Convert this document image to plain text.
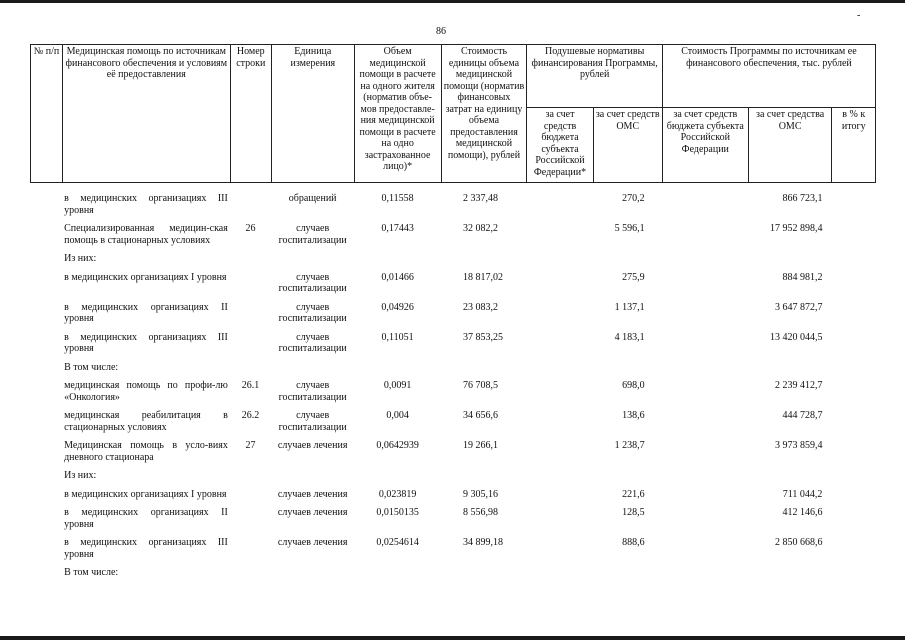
-
86
№ п/п	Медицинская помощь по источникам финансового обеспечения и условиям её предоставления	Номер строки	Единица измерения	Объем медицинской помощи в расчете на одного жителя (норматив объе-мов предоставле-ния медицинской помощи в расчете на одно застрахованное лицо)*	Стоимость единицы объема медицинской помощи (норматив финансовых затрат на единицу объема предоставления медицинской помощи), рублей	Подушевые нормативы финансирования Программы, рублей		Стоимость Программы по источникам ее финансового обеспечения, тыс. рублей		
						за счет средств бюджета субъекта Российской Федерации*	за счет средств ОМС	за счет средств бюджета субъекта Российской Федерации	за счет средства ОМС	в % к итогу
	в медицинских организациях III уровня		обращений	0,11558	2 337,48		270,2		866 723,1	
	Специализированная медицин-ская помощь в стационарных условиях	26	случаев госпитализации	0,17443	32 082,2		5 596,1		17 952 898,4	
	Из них:									
	в медицинских организациях I уровня		случаев госпитализации	0,01466	18 817,02		275,9		884 981,2	
	в медицинских организациях II уровня		случаев госпитализации	0,04926	23 083,2		1 137,1		3 647 872,7	
	в медицинских организациях III уровня		случаев госпитализации	0,11051	37 853,25		4 183,1		13 420 044,5	
	В том числе:									
	медицинская помощь по профи-лю «Онкология»	26.1	случаев госпитализации	0,0091	76 708,5		698,0		2 239 412,7	
	медицинская реабилитация в стационарных условиях	26.2	случаев госпитализации	0,004	34 656,6		138,6		444 728,7	
	Медицинская помощь в усло-виях дневного стационара	27	случаев лечения	0,0642939	19 266,1		1 238,7		3 973 859,4	
	Из них:									
	в медицинских организациях I уровня		случаев лечения	0,023819	9 305,16		221,6		711 044,2	
	в медицинских организациях II уровня		случаев лечения	0,0150135	8 556,98		128,5		412 146,6	
	в медицинских организациях III уровня		случаев лечения	0,0254614	34 899,18		888,6		2 850 668,6	
	В том числе:									
